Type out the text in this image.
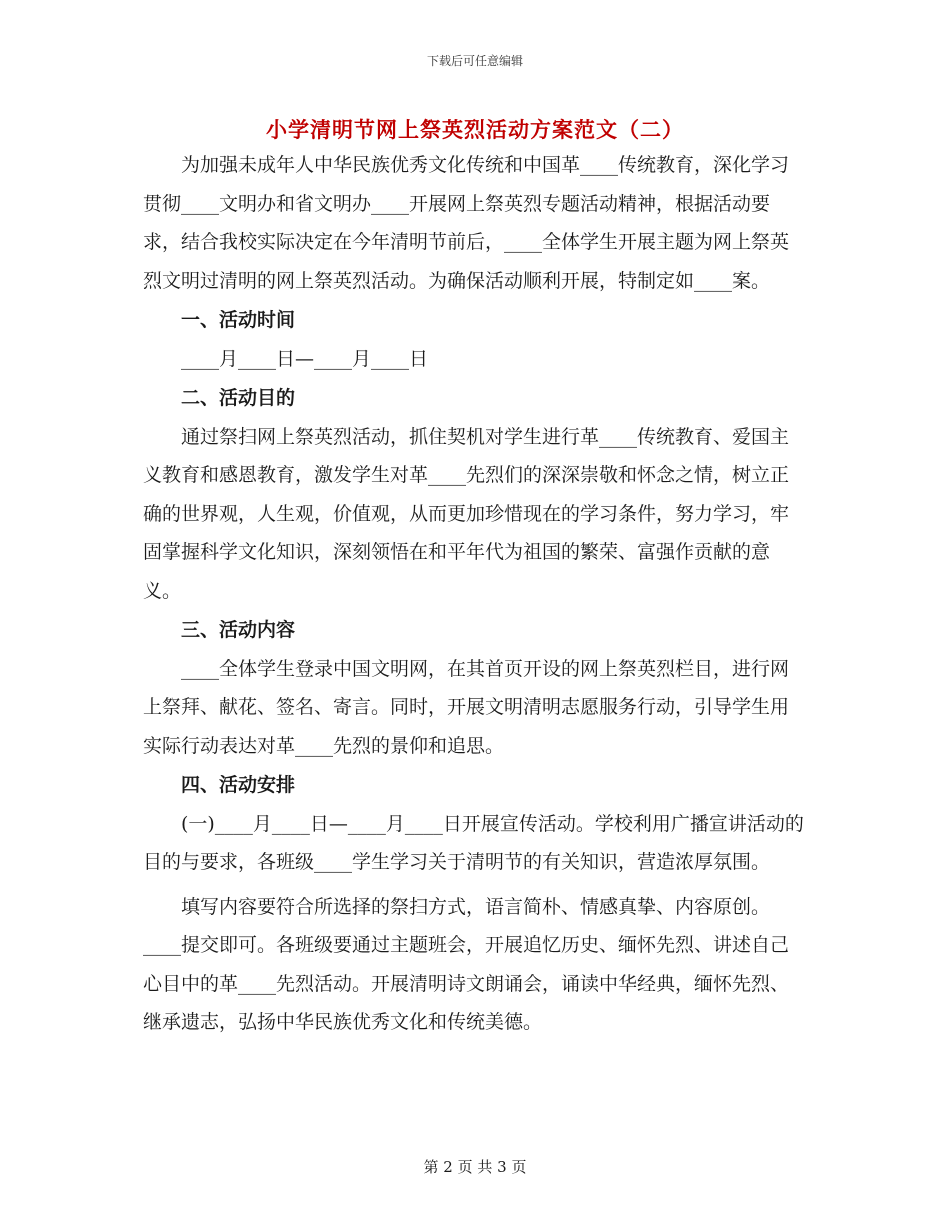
下载后可任意编辑
小学清明节网上祭英烈活动方案范文（二）

为加强未成年人中华民族优秀文化传统和中国革____传统教育，深化学习贯彻____文明办和省文明办____开展网上祭英烈专题活动精神，根据活动要求，结合我校实际决定在今年清明节前后，____全体学生开展主题为网上祭英烈文明过清明的网上祭英烈活动。为确保活动顺利开展，特制定如____案。

一、活动时间

____月____日—____月____日

二、活动目的

通过祭扫网上祭英烈活动，抓住契机对学生进行革____传统教育、爱国主义教育和感恩教育，激发学生对革____先烈们的深深崇敬和怀念之情，树立正确的世界观，人生观，价值观，从而更加珍惜现在的学习条件，努力学习，牢固掌握科学文化知识，深刻领悟在和平年代为祖国的繁荣、富强作贡献的意义。

三、活动内容

____全体学生登录中国文明网，在其首页开设的网上祭英烈栏目，进行网上祭拜、献花、签名、寄言。同时，开展文明清明志愿服务行动，引导学生用实际行动表达对革____先烈的景仰和追思。

四、活动安排

(一)____月____日—____月____日开展宣传活动。学校利用广播宣讲活动的目的与要求，各班级____学生学习关于清明节的有关知识，营造浓厚氛围。

填写内容要符合所选择的祭扫方式，语言简朴、情感真挚、内容原创。____提交即可。各班级要通过主题班会，开展追忆历史、缅怀先烈、讲述自己心目中的革____先烈活动。开展清明诗文朗诵会，诵读中华经典，缅怀先烈、继承遗志，弘扬中华民族优秀文化和传统美德。

第 2 页 共 3 页
